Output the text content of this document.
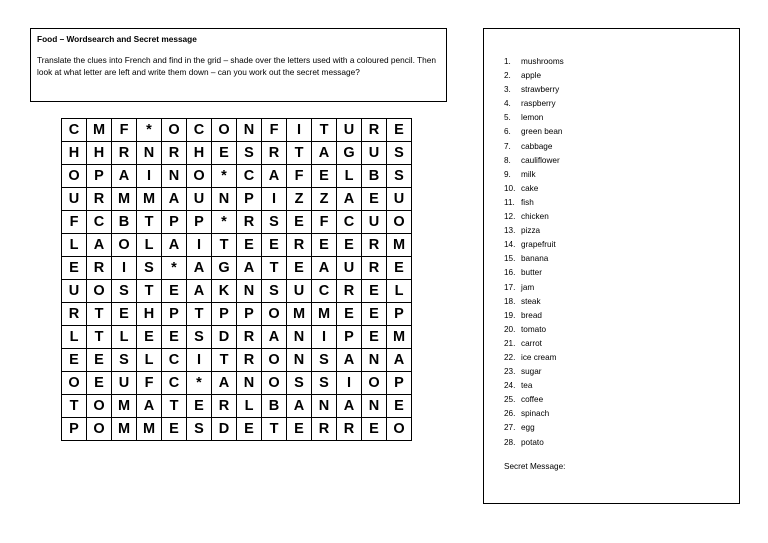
Food – Wordsearch and Secret message

Translate the clues into French and find in the grid – shade over the letters used with a coloured pencil. Then look at what letter are left and write them down – can you work out the secret message?

C	M	F	*	O	C	O	N	F	I	T	U	R	E
H	H	R	N	R	H	E	S	R	T	A	G	U	S
O	P	A	I	N	O	*	C	A	F	E	L	B	S
U	R	M	M	A	U	N	P	I	Z	Z	A	E	U
F	C	B	T	P	P	*	R	S	E	F	C	U	O
L	A	O	L	A	I	T	E	E	R	E	E	R	M
E	R	I	S	*	A	G	A	T	E	A	U	R	E
U	O	S	T	E	A	K	N	S	U	C	R	E	L
R	T	E	H	P	T	P	P	O	M	M	E	E	P
L	T	L	E	E	S	D	R	A	N	I	P	E	M
E	E	S	L	C	I	T	R	O	N	S	A	N	A
O	E	U	F	C	*	A	N	O	S	S	I	O	P
T	O	M	A	T	E	R	L	B	A	N	A	N	E
P	O	M	M	E	S	D	E	T	E	R	R	E	O
1.	mushrooms
2.	apple
3.	strawberry
4.	raspberry
5.	lemon
6.	green bean
7.	cabbage
8.	cauliflower
9.	milk
10. cake
11. fish
12. chicken
13. pizza
14. grapefruit
15. banana
16. butter
17. jam
18. steak
19. bread
20. tomato
21. carrot
22. ice cream
23. sugar
24. tea
25. coffee
26. spinach
27. egg
28. potato
Secret Message:
